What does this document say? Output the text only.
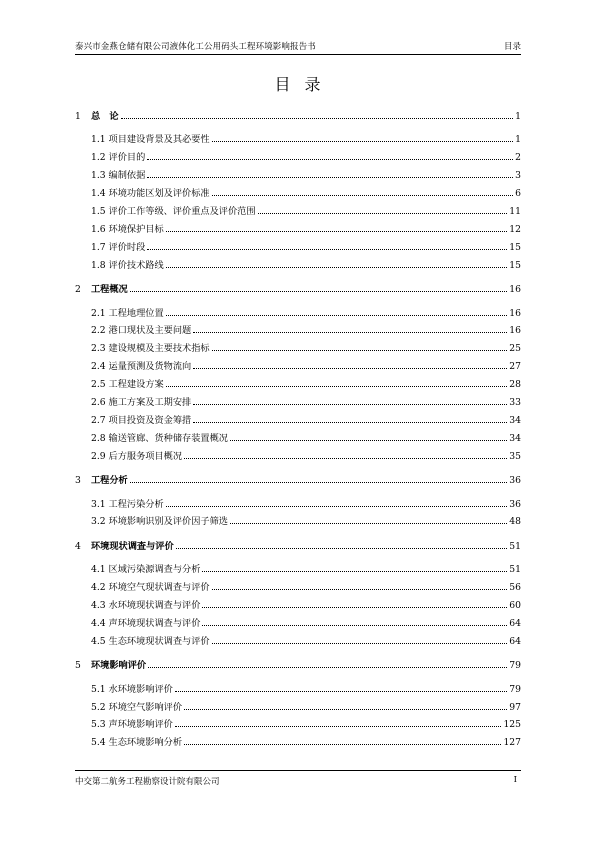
泰兴市金燕仓储有限公司液体化工公用码头工程环境影响报告书	目录
目录
1 总　论	1
1.1 项目建设背景及其必要性	1
1.2 评价目的	2
1.3 编制依据	3
1.4 环境功能区划及评价标准	6
1.5 评价工作等级、评价重点及评价范围	11
1.6 环境保护目标	12
1.7 评价时段	15
1.8 评价技术路线	15
2 工程概况	16
2.1 工程地理位置	16
2.2 港口现状及主要问题	16
2.3 建设规模及主要技术指标	25
2.4 运量预测及货物流向	27
2.5 工程建设方案	28
2.6 施工方案及工期安排	33
2.7 项目投资及资金筹措	34
2.8 输送管廊、货种储存装置概况	34
2.9 后方服务项目概况	35
3 工程分析	36
3.1 工程污染分析	36
3.2 环境影响识别及评价因子筛选	48
4 环境现状调查与评价	51
4.1 区域污染源调查与分析	51
4.2 环境空气现状调查与评价	56
4.3 水环境现状调查与评价	60
4.4 声环境现状调查与评价	64
4.5 生态环境现状调查与评价	64
5 环境影响评价	79
5.1 水环境影响评价	79
5.2 环境空气影响评价	97
5.3 声环境影响评价	125
5.4 生态环境影响分析	127
中交第二航务工程勘察设计院有限公司	I
